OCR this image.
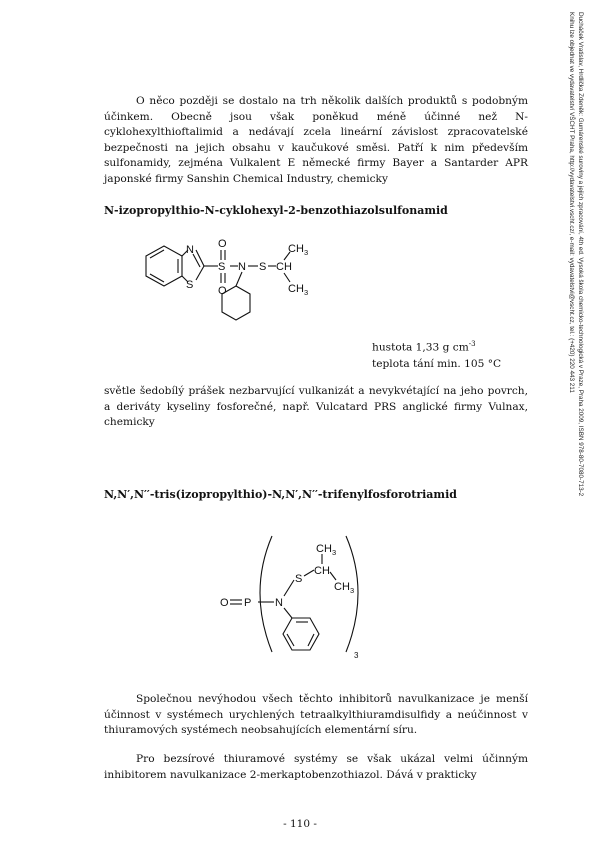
O něco později se dostalo na trh několik dalších produktů s podobným účinkem. Obecně jsou však poněkud méně účinné než N-cyklohexylthioftalimid a nedávají zcela lineární závislost zpracovatelské bezpečnosti na jejich obsahu v kaučukové směsi. Patří k nim především sulfonamidy, zejména Vulkalent E německé firmy Bayer a Santarder APR japonské firmy Sanshin Chemical Industry, chemicky

N-izopropylthio-N-cyklohexyl-2-benzothiazolsulfonamid

N
S
S
O
O
N S CH
CH 3
CH 3

hustota 1,33 g $cm^{-3}$

teplota tání min. 105 °C

světle šedobílý prášek nezbarvující vulkanizát a nevykvétající na jeho povrch, a deriváty kyseliny fosforečné, např. Vulcatard PRS anglické firmy Vulnax, chemicky

N,N′,N′′-tris(izopropylthio)-N,N′,N′′-trifenylfosforotriamid

O P N
S
CH
CH 3
CH 3
3

Společnou nevýhodou všech těchto inhibitorů navulkanizace je menší účinnost v systémech urychlených tetraalkylthiuramdisulfidy a neúčinnost v thiuramových systémech neobsahujících elementární síru.

Pro bezsírové thiuramové systémy se však ukázal velmi účinným inhibitorem navulkanizace 2-merkaptobenzothiazol. Dává v prakticky

- 110 -
Ducháček Vratislav, Hrdlička Zdeněk: Gumárenské suroviny a jejich zpracování, 4th ed. Vysoká škola chemicko-technologická v Praze, Praha 2009, ISBN 978-80-7080-713-2
Knihu lze objednat ve vydavatelství VŠCHT Praha, http://vydavatelstvi.vscht.cz/, e-mail: vydavatelstvi@vscht.cz, tel.: (+420) 220 443 211
